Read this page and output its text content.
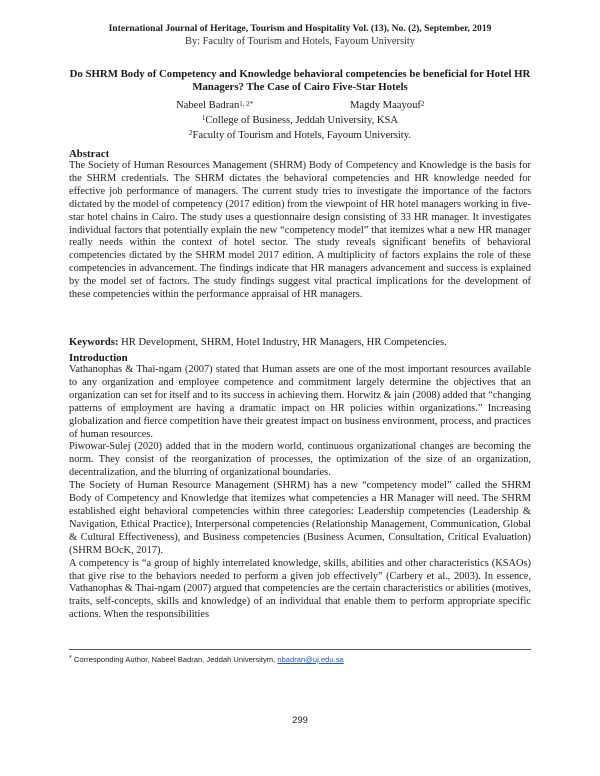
International Journal of Heritage, Tourism and Hospitality Vol. (13), No. (2), September, 2019
By: Faculty of Tourism and Hotels, Fayoum University
Do SHRM Body of Competency and Knowledge behavioral competencies be beneficial for Hotel HR Managers? The Case of Cairo Five-Star Hotels
Nabeel Badran$^{1, 2*}$	Magdy Maayouf$^2$
$^1$College of Business, Jeddah University, KSA
$^2$Faculty of Tourism and Hotels, Fayoum University.
Abstract
The Society of Human Resources Management (SHRM) Body of Competency and Knowledge is the basis for the SHRM credentials. The SHRM dictates the behavioral competencies and HR knowledge needed for effective job performance of managers. The current study tries to investigate the importance of the factors dictated by the model of competency (2017 edition) from the viewpoint of HR hotel managers working in five-star hotel chains in Cairo. The study uses a questionnaire design consisting of 33 HR manager. It investigates individual factors that potentially explain the new “competency model” that itemizes what a new HR manager really needs within the context of hotel sector. The study reveals significant benefits of behavioral competencies dictated by the SHRM model 2017 edition. A multiplicity of factors explains the role of these competencies in advancement. The findings indicate that HR managers advancement and success is explained by the model set of factors. The study findings suggest vital practical implications for the development of these competencies within the performance appraisal of HR managers.
Keywords: HR Development, SHRM, Hotel Industry, HR Managers, HR Competencies.
Introduction

Vathanophas & Thai-ngam (2007) stated that Human assets are one of the most important resources available to any organization and employee competence and commitment largely determine the objectives that an organization can set for itself and to its success in achieving them. Horwitz & jain (2008) added that “changing patterns of employment are having a dramatic impact on HR policies within organizations.” Increasing globalization and fierce competition have their greatest impact on business environment, process, and practices of human resources.

Piwowar-Sulej (2020) added that in the modern world, continuous organizational changes are becoming the norm. They consist of the reorganization of processes, the optimization of the size of an organization, decentralization, and the blurring of organizational boundaries.

The Society of Human Resource Management (SHRM) has a new “competency model” called the SHRM Body of Competency and Knowledge that itemizes what competencies a HR Manager will need. The SHRM established eight behavioral competencies within three categories: Leadership competencies (Leadership & Navigation, Ethical Practice), Interpersonal competencies (Relationship Management, Communication, Global & Cultural Effectiveness), and Business competencies (Business Acumen, Consultation, Critical Evaluation) (SHRM BOcK, 2017).

A competency is “a group of highly interrelated knowledge, skills, abilities and other characteristics (KSAOs) that give rise to the behaviors needed to perform a given job effectively” (Carbery et al., 2003). In essence, Vathanophas & Thai-ngam (2007) argued that competencies are the certain characteristics or abilities (motives, traits, self-concepts, skills and knowledge) of an individual that enable them to perform appropriate specific actions. When the responsibilities

* Corresponding Author, Nabeel Badran, Jeddah Universitym, nbadran@uj.edu.sa
299
